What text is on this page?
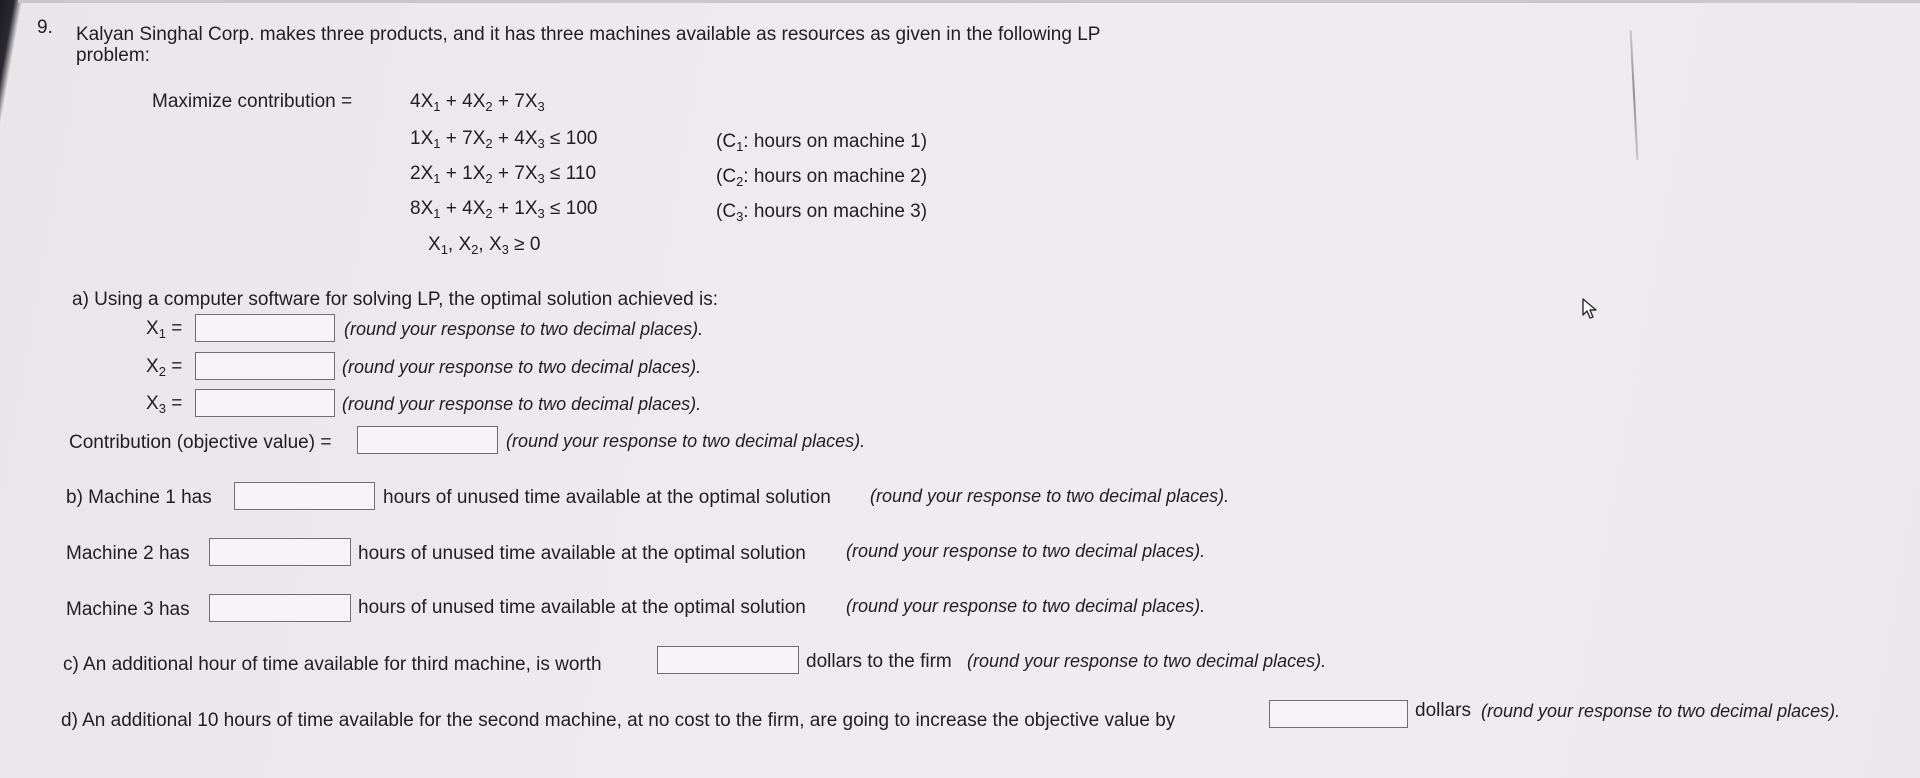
9. Kalyan Singhal Corp. makes three products, and it has three machines available as resources as given in the following LP
problem:
Maximize contribution =	$4X_1 + 4X_2 + 7X_3$
$1X_1 + 7X_2 + 4X_3 \le 100$	($C_1$: hours on machine 1)
$2X_1 + 1X_2 + 7X_3 \le 110$	($C_2$: hours on machine 2)
$8X_1 + 4X_2 + 1X_3 \le 100$	($C_3$: hours on machine 3)
$X_1$, $X_2$, $X_3 \ge 0$
a) Using a computer software for solving LP, the optimal solution achieved is:
$X_1$ =	(round your response to two decimal places).
$X_2$ =	(round your response to two decimal places).
$X_3$ =	(round your response to two decimal places).
Contribution (objective value) =	(round your response to two decimal places).
b) Machine 1 has	hours of unused time available at the optimal solution (round your response to two decimal places).
Machine 2 has	hours of unused time available at the optimal solution (round your response to two decimal places).
Machine 3 has	hours of unused time available at the optimal solution (round your response to two decimal places).
c) An additional hour of time available for third machine, is worth	dollars to the firm (round your response to two decimal places).
d) An additional 10 hours of time available for the second machine, at no cost to the firm, are going to increase the objective value by	dollars (round your response to two decimal places).
